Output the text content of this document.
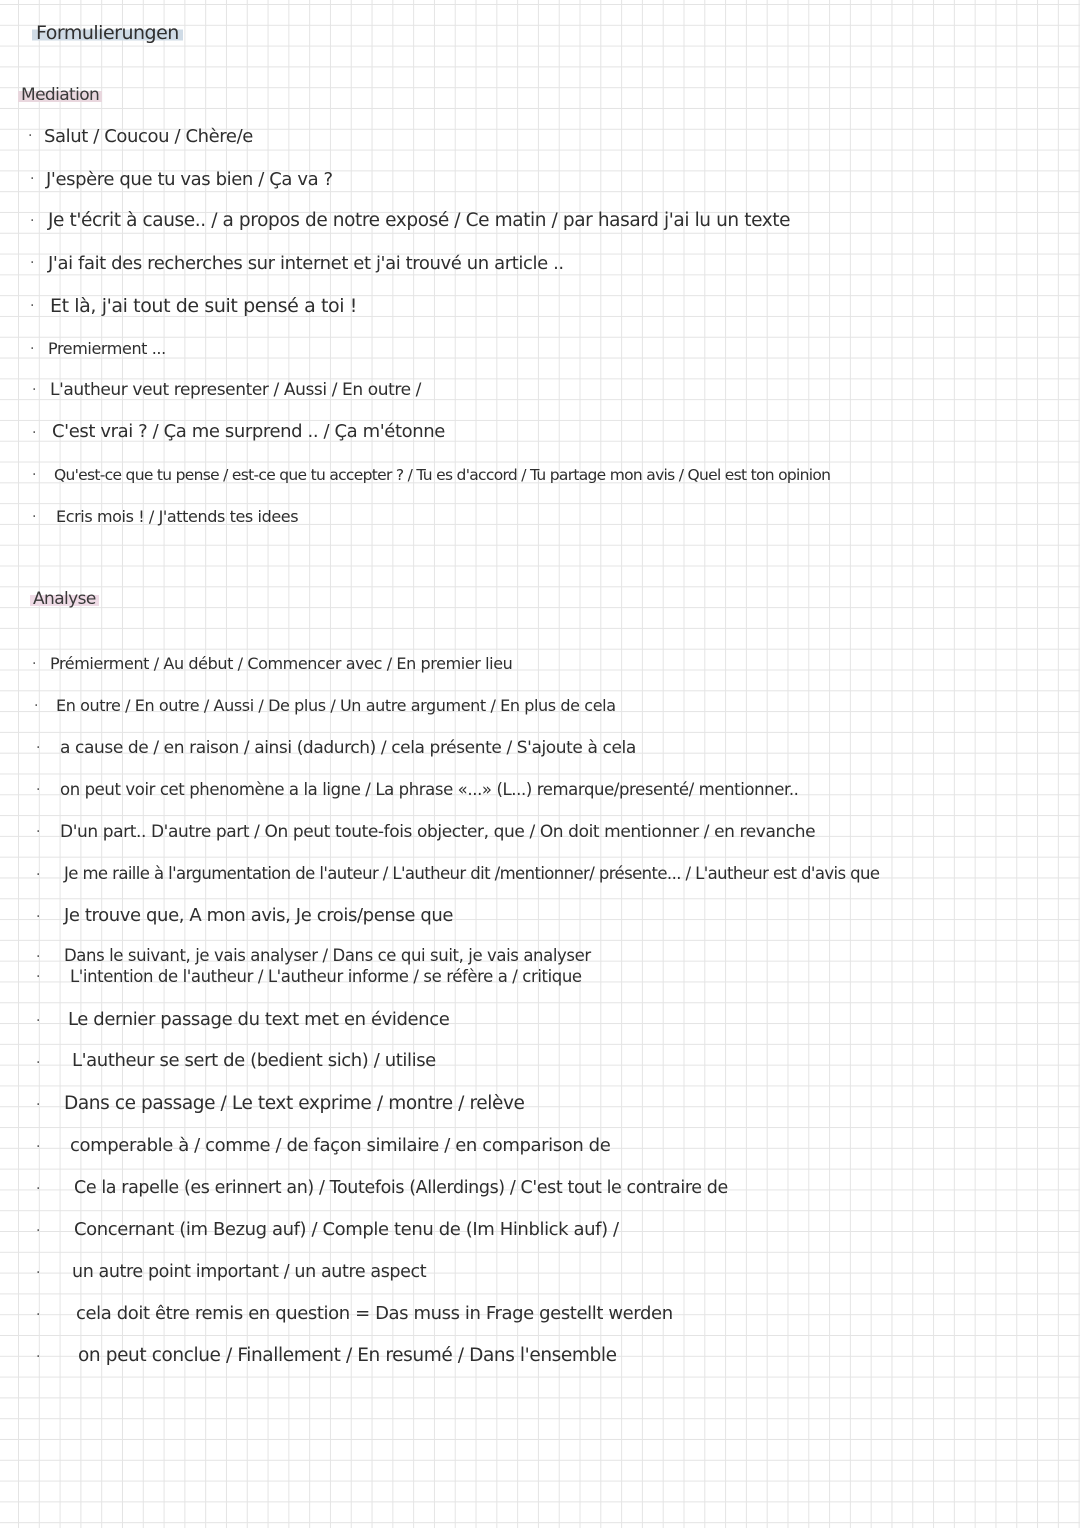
Formulierungen
Mediation
· Salut / Coucou / Chère/e
· J'espère que tu vas bien / Ça va ?
· Je t'écrit à cause.. / a propos de notre exposé / Ce matin / par hasard j'ai lu un texte
· J'ai fait des recherches sur internet et j'ai trouvé un article ..
· Et là, j'ai tout de suit pensé a toi !
· Premierment ...
· L'autheur veut representer / Aussi / En outre /
· C'est vrai ? / Ça me surprend .. / Ça m'étonne
· Qu'est-ce que tu pense / est-ce que tu accepter ? / Tu es d'accord / Tu partage mon avis / Quel est ton opinion
· Ecris mois ! / J'attends tes idees
Analyse
· Prémierment / Au début / Commencer avec / En premier lieu
· En outre / En outre / Aussi / De plus / Un autre argument / En plus de cela
· a cause de / en raison / ainsi (dadurch) / cela présente / S'ajoute à cela
· on peut voir cet phenomène a la ligne / La phrase «...» (L...) remarque/presenté/ mentionner..
· D'un part.. D'autre part / On peut toute-fois objecter, que / On doit mentionner / en revanche
· Je me raille à l'argumentation de l'auteur / L'autheur dit /mentionner/ présente... / L'autheur est d'avis que
· Je trouve que, A mon avis, Je crois/pense que
· Dans le suivant, je vais analyser / Dans ce qui suit, je vais analyser
· L'intention de l'autheur / L'autheur informe / se réfère a / critique
· Le dernier passage du text met en évidence
· L'autheur se sert de (bedient sich) / utilise
· Dans ce passage / Le text exprime / montre / relève
· comperable à / comme / de façon similaire / en comparison de
· Ce la rapelle (es erinnert an) / Toutefois (Allerdings) / C'est tout le contraire de
· Concernant (im Bezug auf) / Comple tenu de (Im Hinblick auf) /
· un autre point important / un autre aspect
· cela doit être remis en question = Das muss in Frage gestellt werden
· on peut conclue / Finallement / En resumé / Dans l'ensemble
